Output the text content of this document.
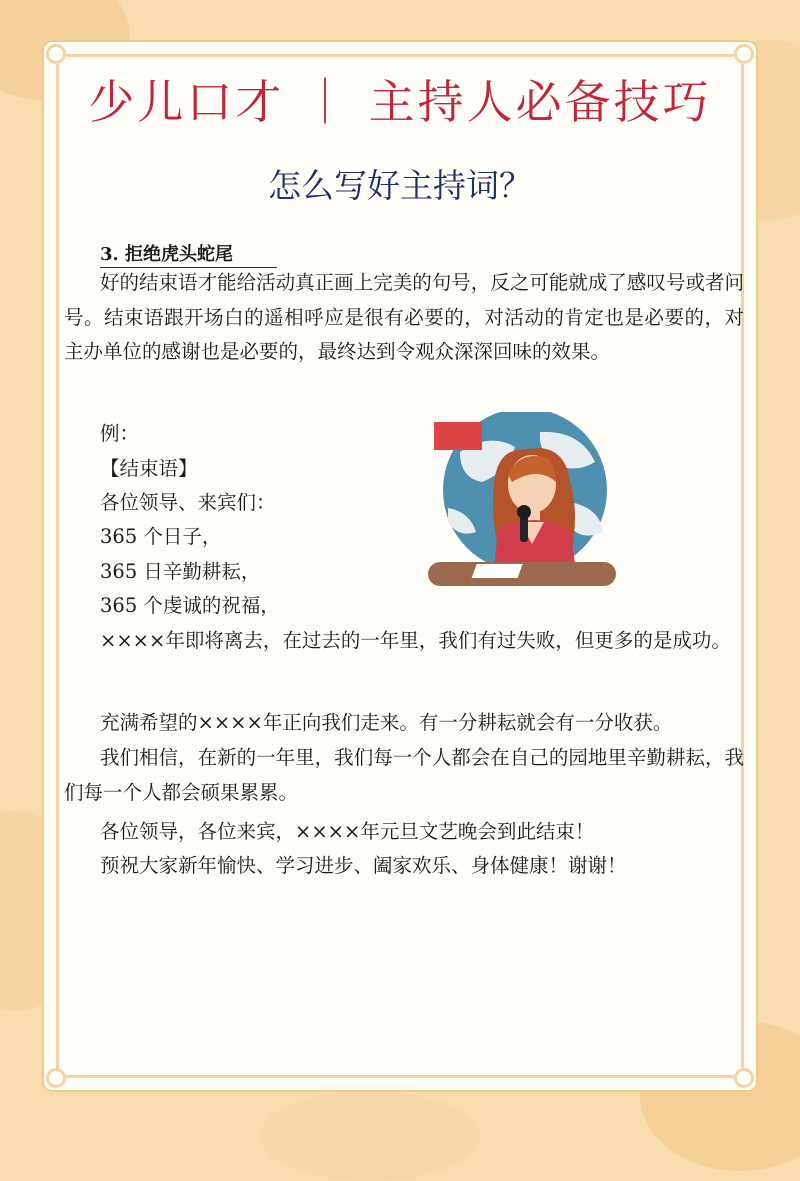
少儿口才 ｜ 主持人必备技巧
怎么写好主持词？
3. 拒绝虎头蛇尾

好的结束语才能给活动真正画上完美的句号，反之可能就成了感叹号或者问号。结束语跟开场白的遥相呼应是很有必要的，对活动的肯定也是必要的，对主办单位的感谢也是必要的，最终达到令观众深深回味的效果。

例：

【结束语】

各位领导、来宾们：

365 个日子，

365 日辛勤耕耘，

365 个虔诚的祝福，

××××年即将离去，在过去的一年里，我们有过失败，但更多的是成功。

充满希望的××××年正向我们走来。有一分耕耘就会有一分收获。

我们相信，在新的一年里，我们每一个人都会在自己的园地里辛勤耕耘，我们每一个人都会硕果累累。

各位领导，各位来宾，××××年元旦文艺晚会到此结束！

预祝大家新年愉快、学习进步、阖家欢乐、身体健康！谢谢！
